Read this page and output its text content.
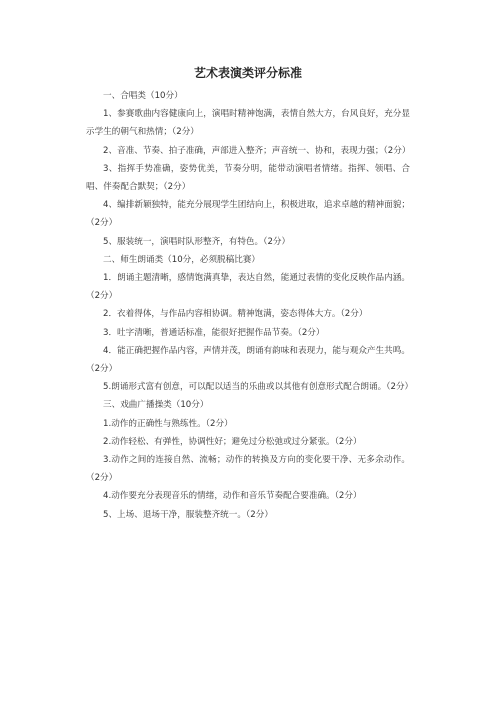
艺术表演类评分标准

一、合唱类（10分）

1、参赛歌曲内容健康向上，演唱时精神饱满，表情自然大方，台风良好，充分显示学生的朝气和热情；（2分）

2、音准、节奏、拍子准确，声部进入整齐；声音统一、协和，表现力强；（2分）

3、指挥手势准确，姿势优美，节奏分明，能带动演唱者情绪。指挥、领唱、合唱、伴奏配合默契；（2分）

4、编排新颖独特，能充分展现学生团结向上，积极进取，追求卓越的精神面貌；（2分）

5、服装统一，演唱时队形整齐，有特色。（2分）

二、师生朗诵类（10分，必须脱稿比赛）

1．朗诵主题清晰，感情饱满真挚，表达自然，能通过表情的变化反映作品内涵。（2分）

2．衣着得体，与作品内容相协调。精神饱满，姿态得体大方。（2分）

3．吐字清晰，普通话标准，能很好把握作品节奏。（2分）

4．能正确把握作品内容，声情并茂，朗诵有韵味和表现力，能与观众产生共鸣。（2分）

5.朗诵形式富有创意，可以配以适当的乐曲或以其他有创意形式配合朗诵。（2分）

三、戏曲广播操类（10分）

1.动作的正确性与熟练性。（2分）

2.动作轻松、有弹性，协调性好；避免过分松弛或过分紧张。（2分）

3.动作之间的连接自然、流畅；动作的转换及方向的变化要干净、无多余动作。（2分）

4.动作要充分表现音乐的情绪，动作和音乐节奏配合要准确。（2分）

5、上场、退场干净，服装整齐统一。（2分）
